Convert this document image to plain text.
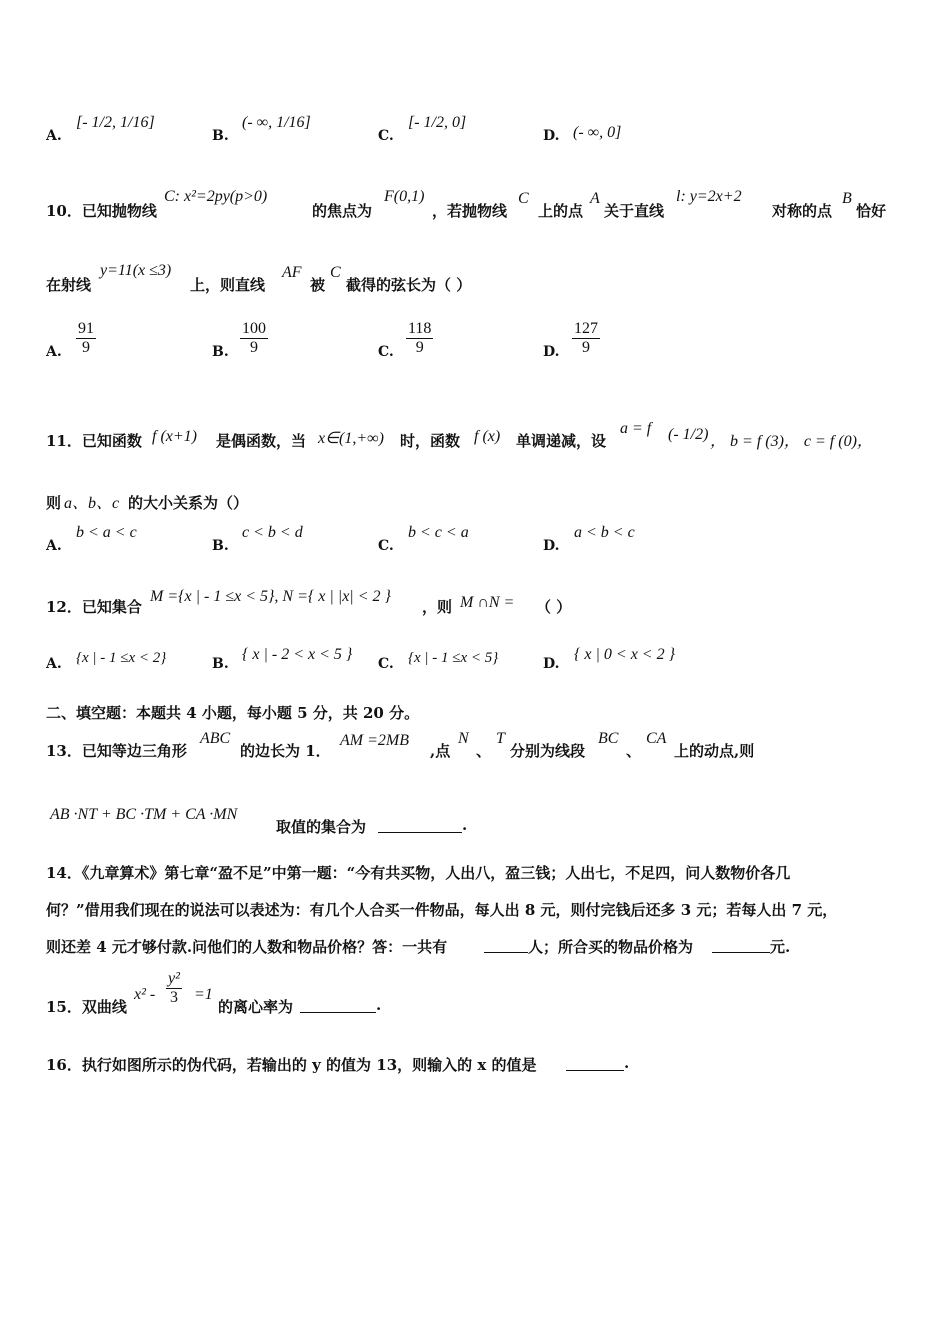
A.
[- 1/2, 1/16]
B.
(- ∞, 1/16]
C.
[- 1/2, 0]
D. (- ∞, 0]
10．已知抛物线
C: x²=2py(p>0)
的焦点为
F(0,1)
，若抛物线
C
上的点
A
关于直线
l: y=2x+2
对称的点
B
恰好
在射线
y=11(x ≤3)
上，则直线
AF
被
C
截得的弦长为（ ）
A. $\frac{91}{9}$	B. $\frac{100}{9}$	C. $\frac{118}{9}$	D. $\frac{127}{9}$
11．已知函数 f (x+1) 是偶函数，当 x∈(1,+∞) 时，函数 f (x) 单调递减，设
a = f (- 1/2) ， b = f (3)， c = f (0)，
则 a、b、c 的大小关系为（）
A.
b < a < c
B.
c < b < d
C.
b < c < a
D.
a < b < c
12．已知集合
M ={x | - 1 ≤x < 5}, N ={ x | |x| < 2 }
，则 M ∩N = （ ）
A. {x | - 1 ≤x < 2}	B.
{ x | - 2 < x < 5 }
C. {x | - 1 ≤x < 5}	D.
{ x | 0 < x < 2 }
二、填空题：本题共 4 小题，每小题 5 分，共 20 分。
13．已知等边三角形
ABC
的边长为 1．
AM =2MB
,点
N
、
T
分别为线段
BC
、
CA
上的动点,则
AB ·NT + BC ·TM + CA ·MN
取值的集合为	.
14．《九章算术》第七章“盈不足”中第一题：“今有共买物，人出八，盈三钱；人出七，不足四，问人数物价各几
何？”借用我们现在的说法可以表述为：有几个人合买一件物品，每人出 8 元，则付完钱后还多 3 元；若每人出 7 元，
则还差 4 元才够付款.问他们的人数和物品价格？答：一共有	人；所合买的物品价格为	元.
15．双曲线
$x^2 - \frac{\text{y²}}{3} =1$
的离心率为	.
16．执行如图所示的伪代码，若输出的 y 的值为 13，则输入的 x 的值是	.
